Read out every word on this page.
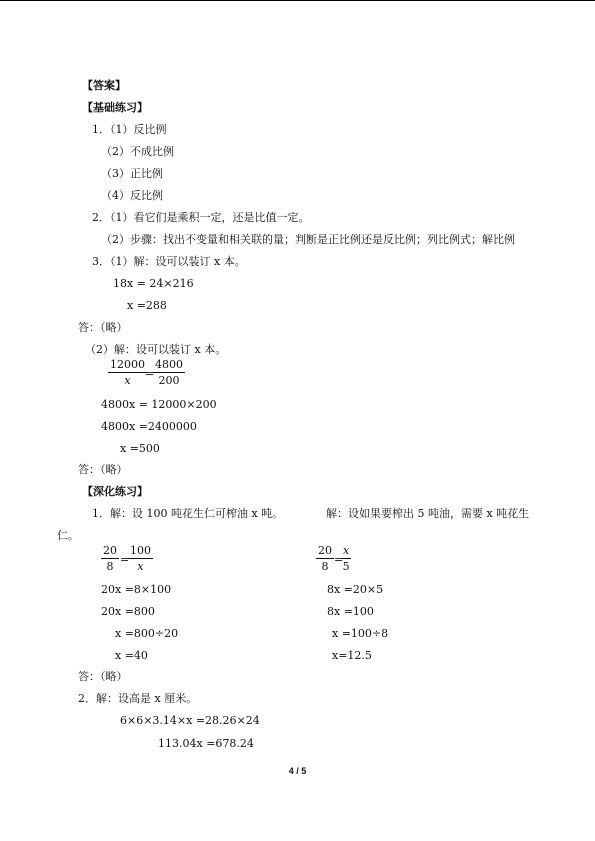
【答案】
【基础练习】
1．（1）反比例
（2）不成比例
（3）正比例
（4）反比例
2．（1）看它们是乘积一定，还是比值一定。
（2）步骤：找出不变量和相关联的量；判断是正比例还是反比例；列比例式；解比例
3．（1）解：设可以装订 x 本。
18x = 24×216
x =288
答：（略）
（2）解：设可以装订 x 本。
$\frac{12000}{x}$
=
$\frac{4800}{200}$
4800x = 12000×200
4800x =2400000
x =500
答：（略）
【深化练习】
1．解：设 100 吨花生仁可榨油 x 吨。	解：设如果要榨出 5 吨油，需要 x 吨花生
仁。
$\frac{20}{8}$ =
$\frac{100}{x}$	$\frac{20}{8}$ =
$\frac{x}{5}$
20x =8×100
20x =800
x =800÷20
x =40
8x =20×5
8x =100
x =100÷8
x=12.5
答：（略）
2．解：设高是 x 厘米。
6×6×3.14×x =28.26×24
113.04x =678.24
4 / 5
